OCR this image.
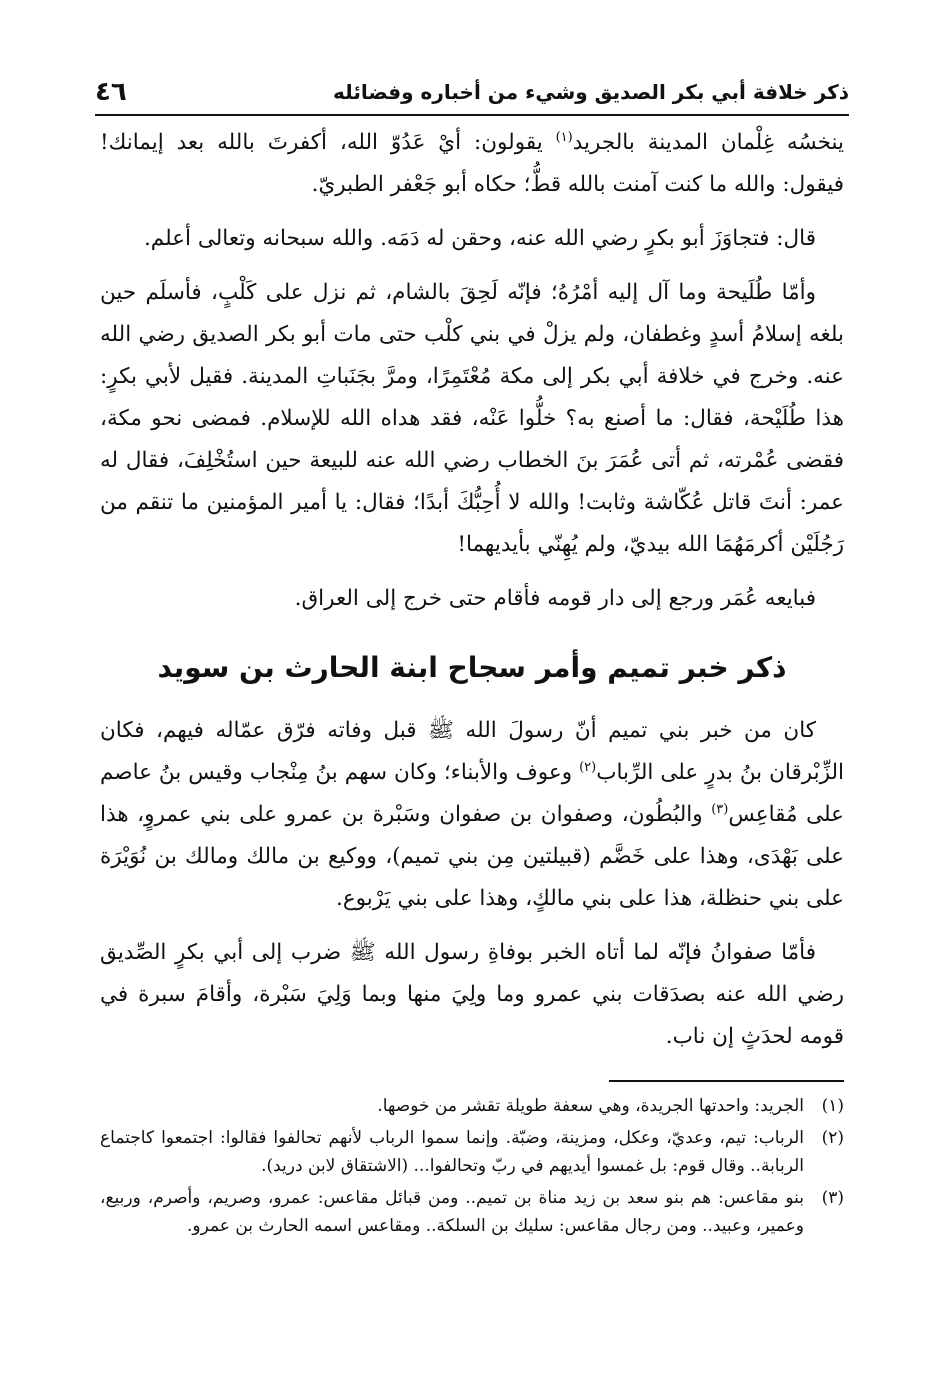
ذكر خلافة أبي بكر الصديق وشيء من أخباره وفضائله
٤٦

ينخسُه غِلْمان المدينة بالجريد$^{(١)}$ يقولون: أيْ عَدُوّ الله، أكفرتَ بالله بعد إيمانك! فيقول: والله ما كنت آمنت بالله قطُّ؛ حكاه أبو جَعْفر الطبريّ.

قال: فتجاوَزَ أبو بكرٍ رضي الله عنه، وحقن له دَمَه. والله سبحانه وتعالى أعلم.

وأمّا طُلَيحة وما آل إليه أمْرُهُ؛ فإنّه لَحِقَ بالشام، ثم نزل على كَلْبٍ، فأسلَم حين بلغه إسلامُ أسدٍ وغطفان، ولم يزلْ في بني كلْب حتى مات أبو بكر الصديق رضي الله عنه. وخرج في خلافة أبي بكر إلى مكة مُعْتَمِرًا، ومرَّ بجَنَباتِ المدينة. فقيل لأبي بكرٍ: هذا طُلَيْحة، فقال: ما أصنع به؟ خلُّوا عَنْه، فقد هداه الله للإسلام. فمضى نحو مكة، فقضى عُمْرته، ثم أتى عُمَرَ بنَ الخطاب رضي الله عنه للبيعة حين استُخْلِفَ، فقال له عمر: أنتَ قاتل عُكّاشة وثابت! والله لا أُحِبُّكَ أبدًا؛ فقال: يا أمير المؤمنين ما تنقم من رَجُلَيْن أكرمَهُمَا الله بيديّ، ولم يُهِنّي بأيديهما!

فبايعه عُمَر ورجع إلى دار قومه فأقام حتى خرج إلى العراق.

ذكر خبر تميم وأمر سجاح ابنة الحارث بن سويد

كان من خبر بني تميم أنّ رسولَ الله ﷺ قبل وفاته فرّق عمّاله فيهم، فكان الزِّبْرقان بنُ بدرٍ على الرِّباب$^{(٢)}$ وعوف والأبناء؛ وكان سهم بنُ مِنْجاب وقيس بنُ عاصم على مُقاعِس$^{(٣)}$ والبُطُون، وصفوان بن صفوان وسَبْرة بن عمرو على بني عمروٍ، هذا على بَهْدَى، وهذا على خَضَّم (قبيلتين مِن بني تميم)، ووكيع بن مالك ومالك بن نُوَيْرَة على بني حنظلة، هذا على بني مالكٍ، وهذا على بني يَرْبوع.

فأمّا صفوانُ فإنّه لما أتاه الخبر بوفاةِ رسول الله ﷺ ضرب إلى أبي بكرٍ الصِّديق رضي الله عنه بصدَقات بني عمرو وما ولِيَ منها وبما وَلِيَ سَبْرة، وأقامَ سبرة في قومه لحدَثٍ إن ناب.

(١)
الجريد: واحدتها الجريدة، وهي سعفة طويلة تقشر من خوصها.
(٢)
الرباب: تيم، وعديّ، وعكل، ومزينة، وضبّة. وإنما سموا الرباب لأنهم تحالفوا فقالوا: اجتمعوا كاجتماع الربابة.. وقال قوم: بل غمسوا أيديهم في ربّ وتحالفوا... (الاشتقاق لابن دريد).
(٣)
بنو مقاعس: هم بنو سعد بن زيد مناة بن تميم.. ومن قبائل مقاعس: عمرو، وصريم، وأصرم، وربيع، وعمير، وعبيد.. ومن رجال مقاعس: سليك بن السلكة.. ومقاعس اسمه الحارث بن عمرو.
